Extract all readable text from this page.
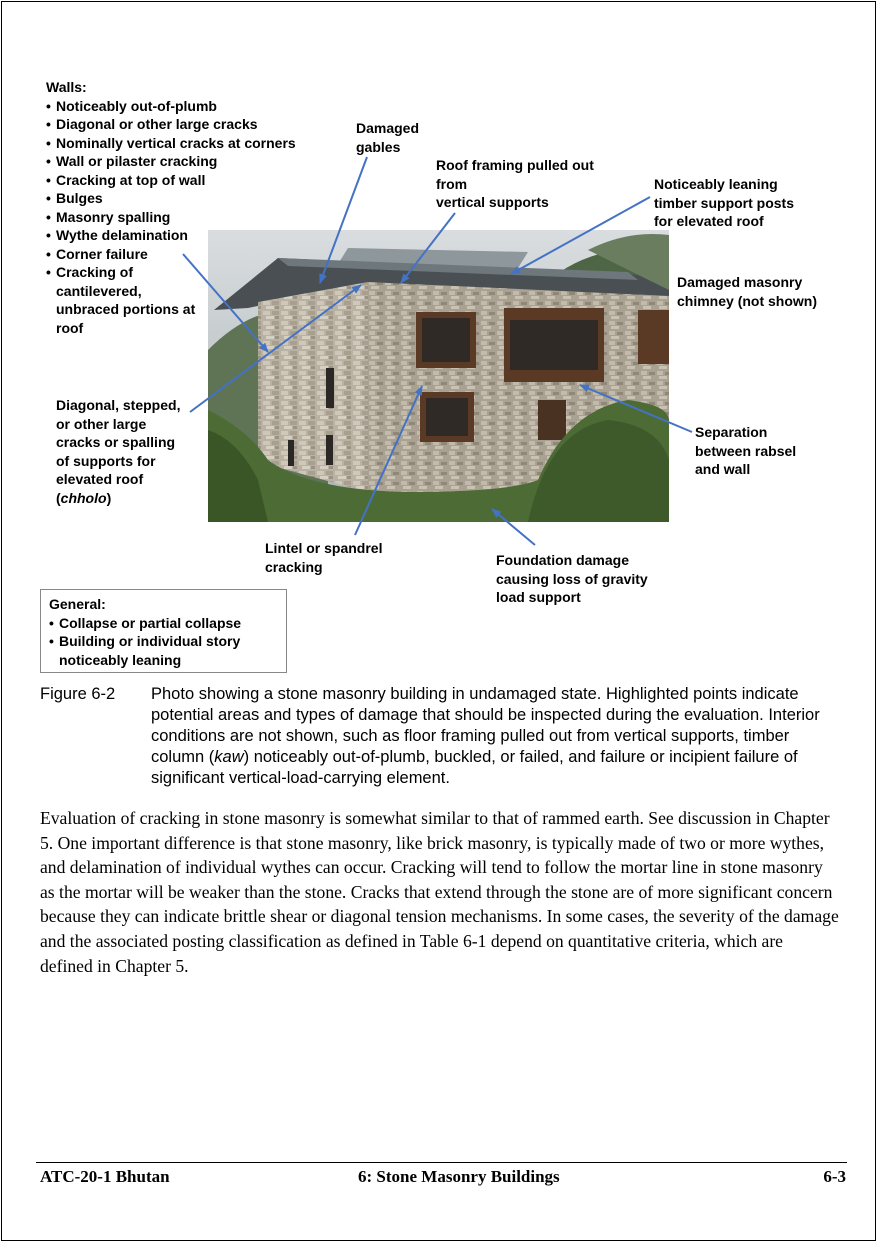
Walls:
• Noticeably out-of-plumb
• Diagonal or other large cracks
• Nominally vertical cracks at corners
• Wall or pilaster cracking
• Cracking at top of wall
• Bulges
• Masonry spalling
• Wythe delamination
• Corner failure
• Cracking of cantilevered, unbraced portions at roof
Damaged
gables
Roof framing pulled out
from
vertical supports
Noticeably leaning
timber support posts
for elevated roof
Damaged masonry
chimney (not shown)
Diagonal, stepped,
or other large
cracks or spalling
of supports for
elevated roof
(chholo)
Separation
between rabsel
and wall
Lintel or spandrel
cracking	Foundation damage
causing loss of gravity
load support
General:
• Collapse or partial collapse
• Building or individual story noticeably leaning
Figure 6-2 Photo showing a stone masonry building in undamaged state. Highlighted points indicate potential areas and types of damage that should be inspected during the evaluation. Interior conditions are not shown, such as floor framing pulled out from vertical supports, timber column (kaw) noticeably out-of-plumb, buckled, or failed, and failure or incipient failure of significant vertical-load-carrying element.
Evaluation of cracking in stone masonry is somewhat similar to that of rammed earth. See discussion in Chapter 5. One important difference is that stone masonry, like brick masonry, is typically made of two or more wythes, and delamination of individual wythes can occur. Cracking will tend to follow the mortar line in stone masonry as the mortar will be weaker than the stone. Cracks that extend through the stone are of more significant concern because they can indicate brittle shear or diagonal tension mechanisms. In some cases, the severity of the damage and the associated posting classification as defined in Table 6-1 depend on quantitative criteria, which are defined in Chapter 5.
ATC-20-1 Bhutan	6: Stone Masonry Buildings	6-3
